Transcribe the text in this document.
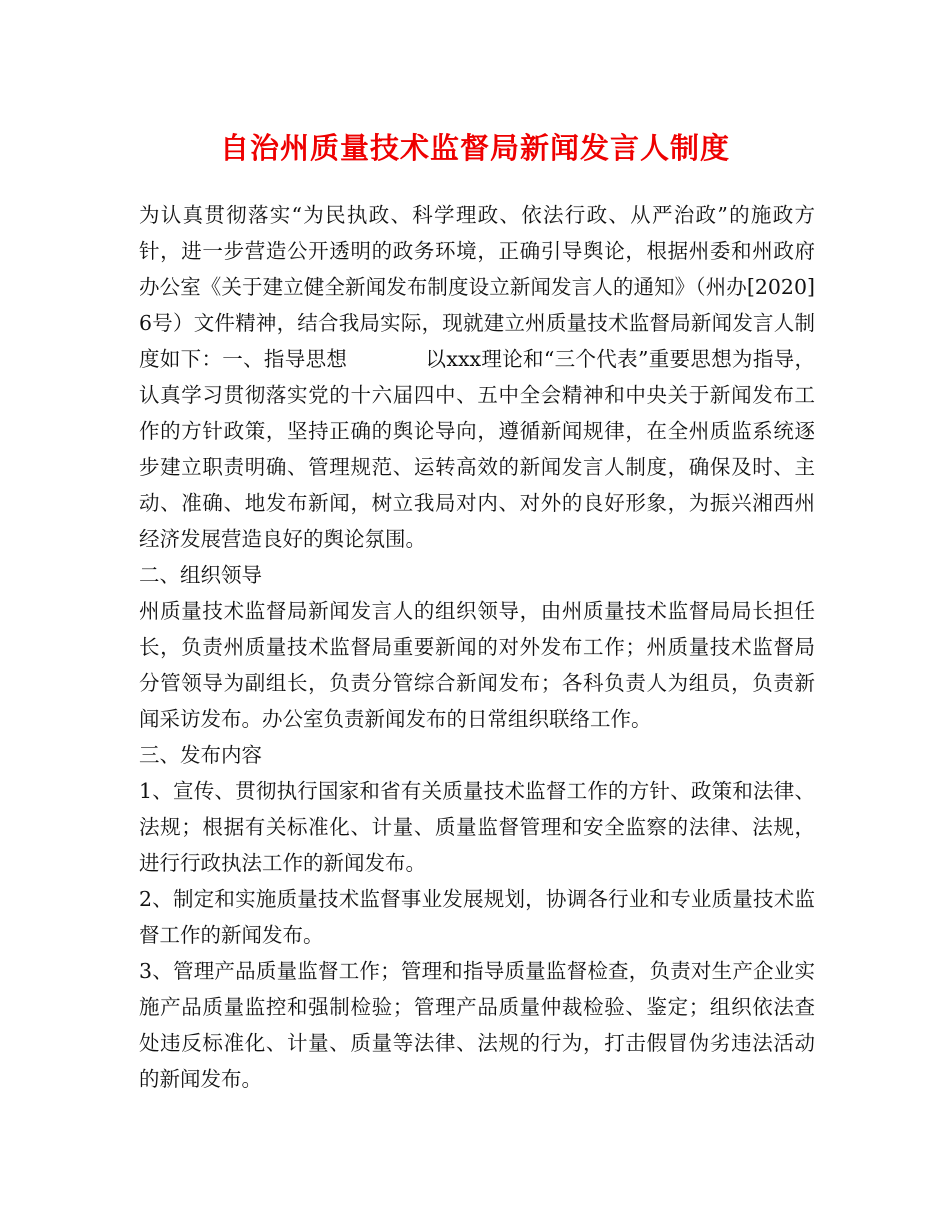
自治州质量技术监督局新闻发言人制度

为认真贯彻落实“为民执政、科学理政、依法行政、从严治政”的施政方针，进一步营造公开透明的政务环境，正确引导舆论，根据州委和州政府办公室《关于建立健全新闻发布制度设立新闻发言人的通知》（州办[2020]6号）文件精神，结合我局实际，现就建立州质量技术监督局新闻发言人制度如下：一、指导思想	以xxx理论和“三个代表”重要思想为指导，认真学习贯彻落实党的十六届四中、五中全会精神和中央关于新闻发布工作的方针政策，坚持正确的舆论导向，遵循新闻规律，在全州质监系统逐步建立职责明确、管理规范、运转高效的新闻发言人制度，确保及时、主动、准确、地发布新闻，树立我局对内、对外的良好形象，为振兴湘西州经济发展营造良好的舆论氛围。

二、组织领导

州质量技术监督局新闻发言人的组织领导，由州质量技术监督局局长担任长，负责州质量技术监督局重要新闻的对外发布工作；州质量技术监督局分管领导为副组长，负责分管综合新闻发布；各科负责人为组员，负责新闻采访发布。办公室负责新闻发布的日常组织联络工作。

三、发布内容

1、宣传、贯彻执行国家和省有关质量技术监督工作的方针、政策和法律、法规；根据有关标准化、计量、质量监督管理和安全监察的法律、法规，进行行政执法工作的新闻发布。

2、制定和实施质量技术监督事业发展规划，协调各行业和专业质量技术监督工作的新闻发布。

3、管理产品质量监督工作；管理和指导质量监督检查，负责对生产企业实施产品质量监控和强制检验；管理产品质量仲裁检验、鉴定；组织依法查处违反标准化、计量、质量等法律、法规的行为，打击假冒伪劣违法活动的新闻发布。
